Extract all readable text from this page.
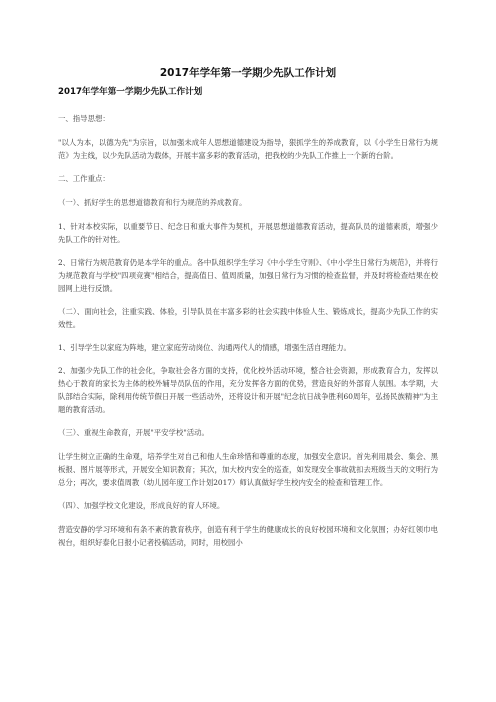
2017年学年第一学期少先队工作计划
2017年学年第一学期少先队工作计划
一、指导思想：
"以人为本，以德为先"为宗旨，以加强未成年人思想道德建设为指导，狠抓学生的养成教育，以《小学生日常行为规范》为主线，以少先队活动为载体，开展丰富多彩的教育活动，把我校的少先队工作推上一个新的台阶。
二、工作重点：
（一）、抓好学生的思想道德教育和行为规范的养成教育。
1、针对本校实际，以重要节日、纪念日和重大事件为契机，开展思想道德教育活动，提高队员的道德素质，增强少先队工作的针对性。
2、日常行为规范教育仍是本学年的重点。各中队组织学生学习《中小学生守则》、《中小学生日常行为规范》，并将行为规范教育与学校"四项竞赛"相结合，提高值日、值周质量，加强日常行为习惯的检查监督，并及时将检查结果在校园网上进行反馈。
（二）、面向社会，注重实践、体验，引导队员在丰富多彩的社会实践中体验人生、锻炼成长，提高少先队工作的实效性。
1、引导学生以家庭为阵地，建立家庭劳动岗位、沟通两代人的情感，增强生活自理能力。
2、加强少先队工作的社会化，争取社会各方面的支持，优化校外活动环境，整合社会资源，形成教育合力，发挥以热心于教育的家长为主体的校外辅导员队伍的作用，充分发挥各方面的优势，营造良好的外部育人氛围。本学期，大队部结合实际，除利用传统节假日开展一些活动外，还将设计和开展"纪念抗日战争胜利60周年，弘扬民族精神"为主题的教育活动。
（三）、重视生命教育，开展"平安学校"活动。
让学生树立正确的生命观，培养学生对自己和他人生命珍惜和尊重的态度，加强安全意识。首先利用晨会、集会、黑板报、图片展等形式，开展安全知识教育；其次，加大校内安全的巡查，如发现安全事故就扣去班级当天的文明行为总分；再次，要求值周教（幼儿园年度工作计划2017）师认真做好学生校内安全的检查和管理工作。
（四）、加强学校文化建设，形成良好的育人环境。
营造安静的学习环境和有条不紊的教育秩序，创造有利于学生的健康成长的良好校园环境和文化氛围；办好红领巾电视台，组织好泰化日报小记者投稿活动，同时，用校园小
